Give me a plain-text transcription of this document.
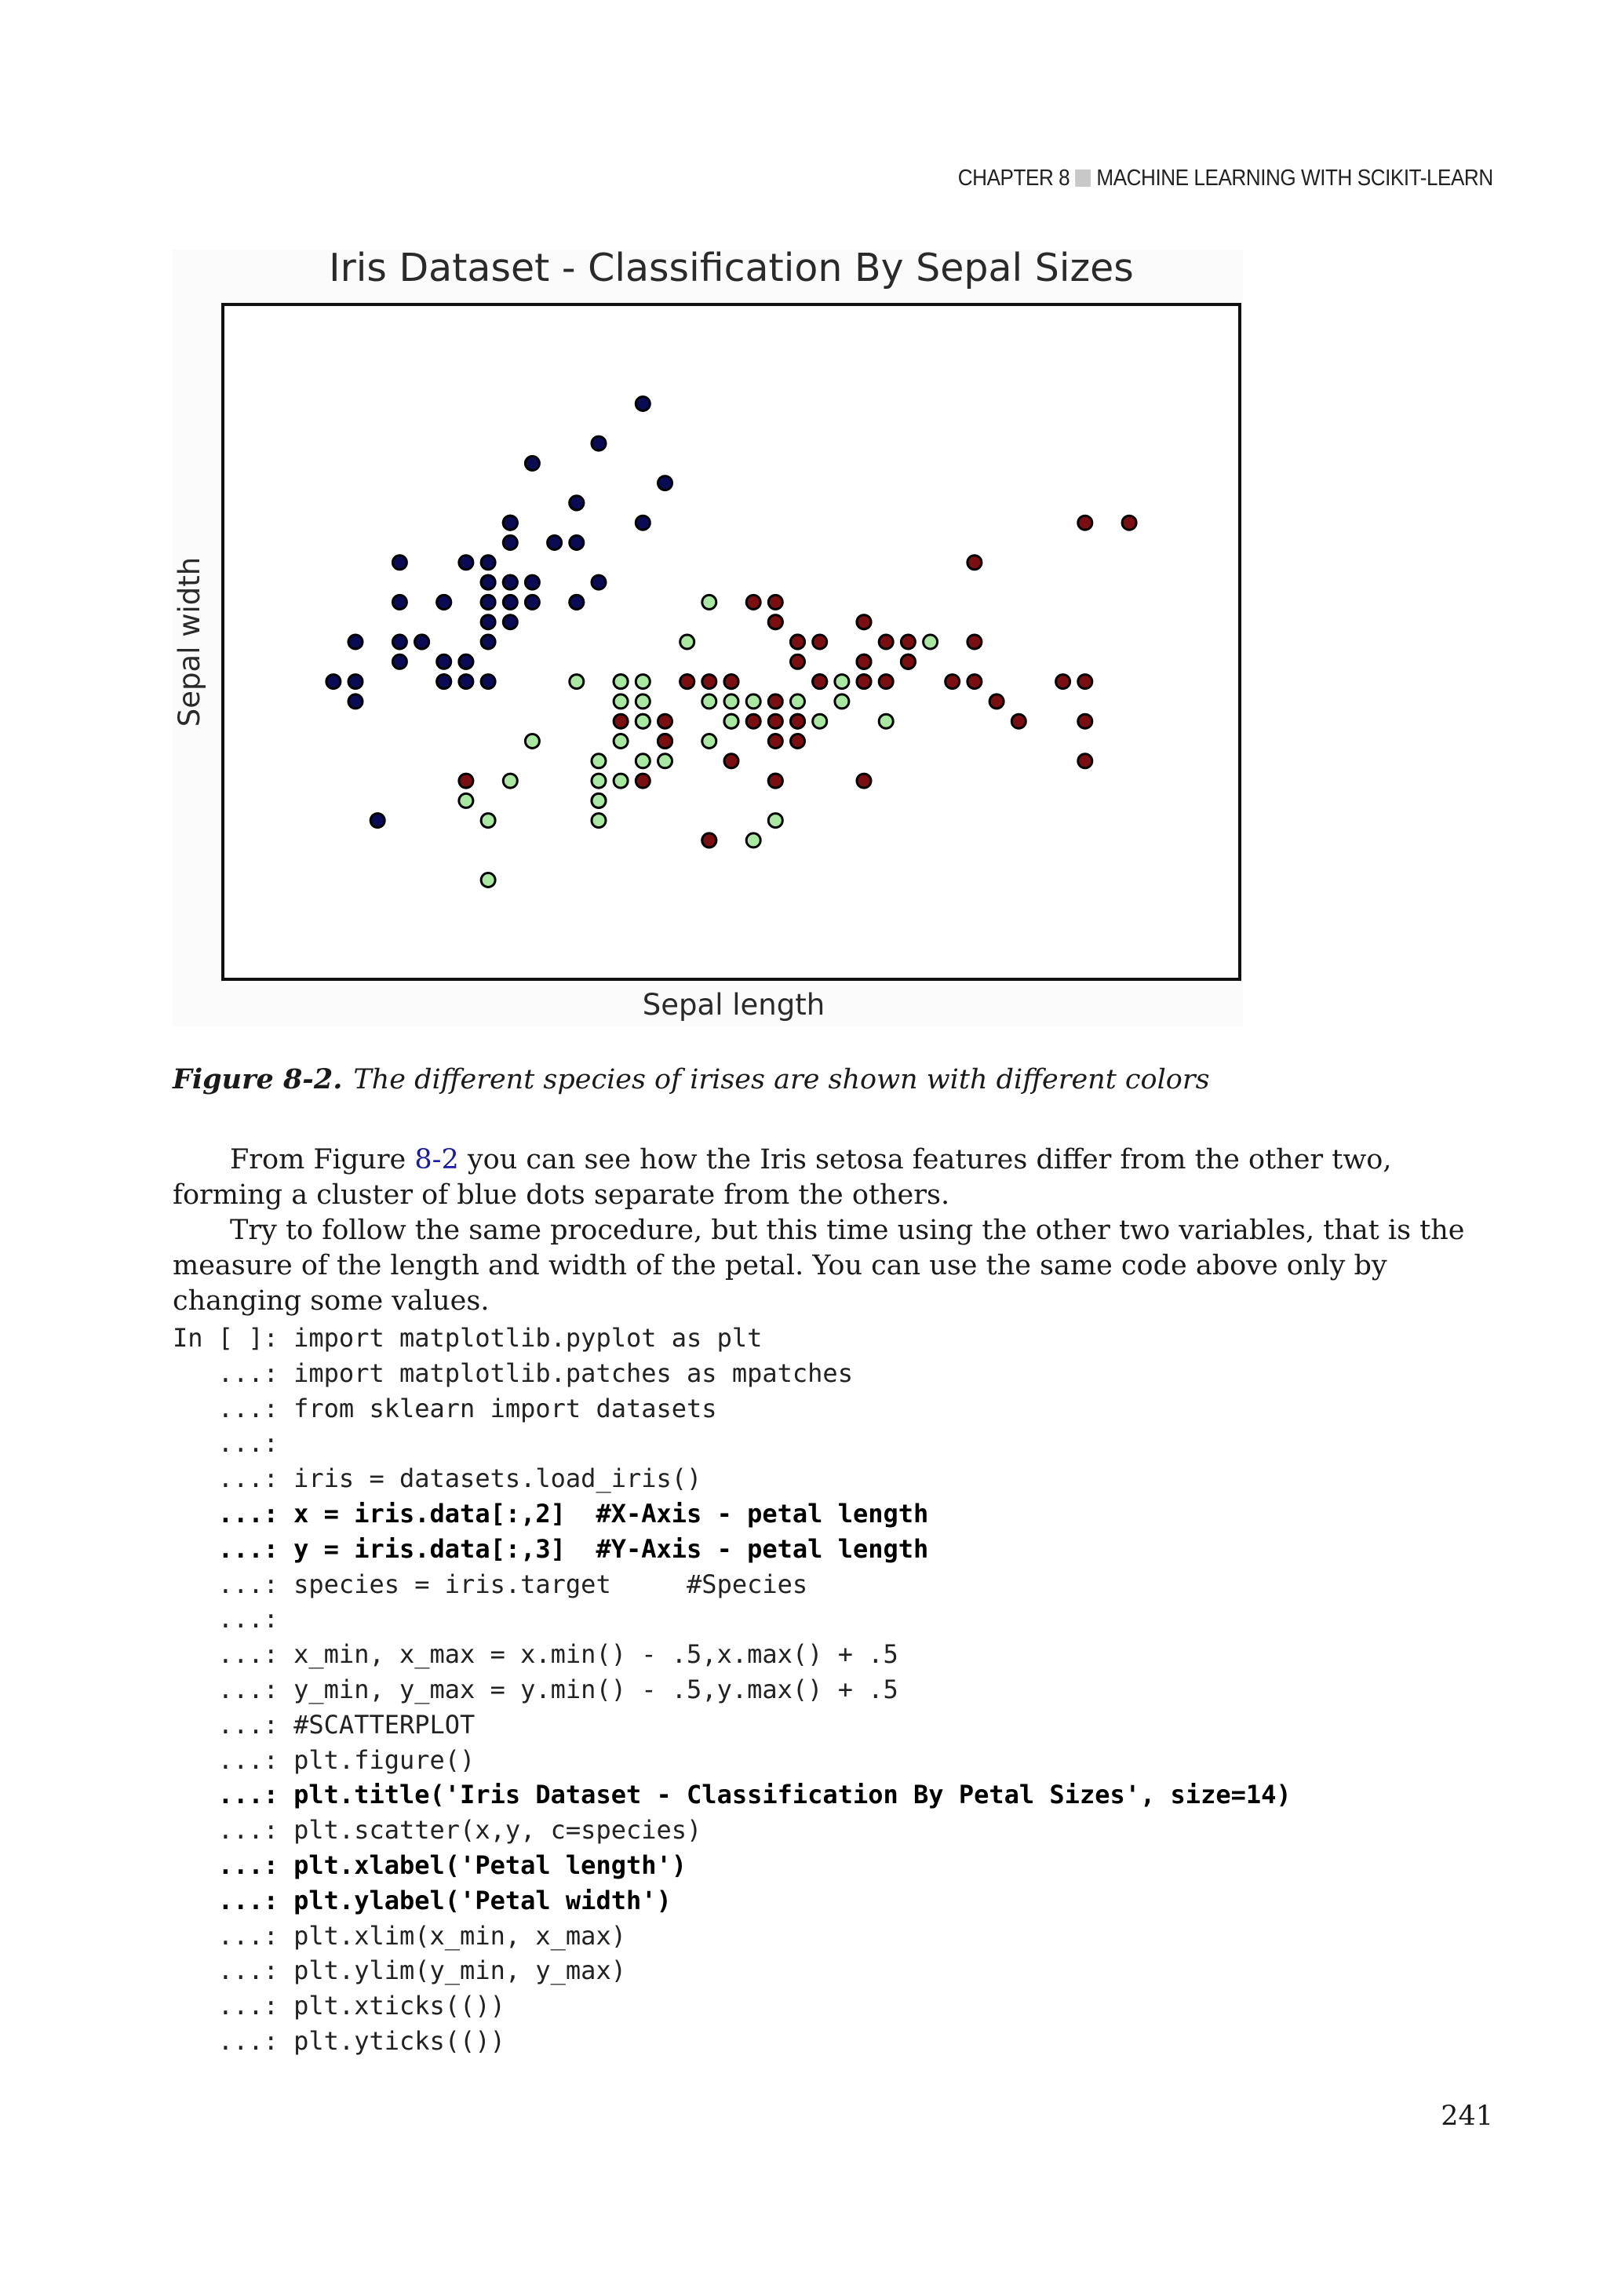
CHAPTER 8 MACHINE LEARNING WITH SCIKIT-LEARN
Iris Dataset - Classification By Sepal Sizes
Sepal length
Sepal width
Figure 8-2. The different species of irises are shown with different colors

From Figure 8-2 you can see how the Iris setosa features differ from the other two, forming a cluster of blue dots separate from the others.

Try to follow the same procedure, but this time using the other two variables, that is the measure of the length and width of the petal. You can use the same code above only by changing some values.

In [ ]: import matplotlib.pyplot as plt
...: import matplotlib.patches as mpatches
...: from sklearn import datasets
...:
...: iris = datasets.load_iris()
...: x = iris.data[:,2]  #X-Axis - petal length
...: y = iris.data[:,3]  #Y-Axis - petal length
...: species = iris.target     #Species
...:
...: x_min, x_max = x.min() - .5,x.max() + .5
...: y_min, y_max = y.min() - .5,y.max() + .5
...: #SCATTERPLOT
...: plt.figure()
...: plt.title('Iris Dataset - Classification By Petal Sizes', size=14)
...: plt.scatter(x,y, c=species)
...: plt.xlabel('Petal length')
...: plt.ylabel('Petal width')
...: plt.xlim(x_min, x_max)
...: plt.ylim(y_min, y_max)
...: plt.xticks(())
...: plt.yticks(())
241
